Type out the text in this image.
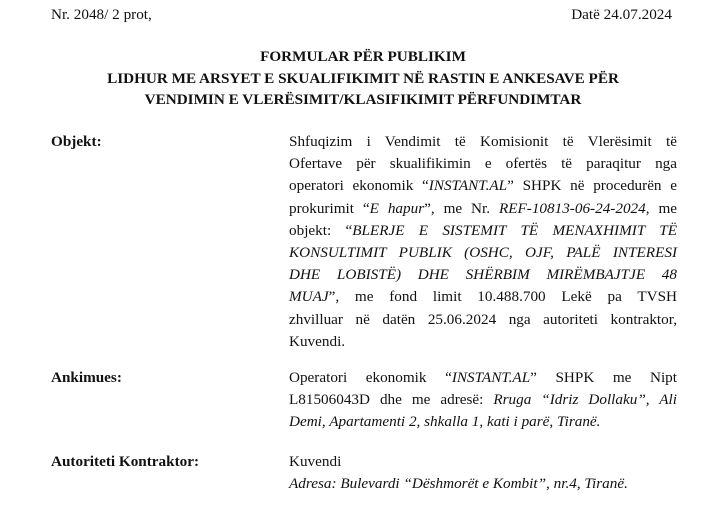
Nr. 2048/ 2 prot,	Datë 24.07.2024
FORMULAR PËR PUBLIKIM
LIDHUR ME ARSYET E SKUALIFIKIMIT NË RASTIN E ANKESAVE PËR
VENDIMIN E VLERËSIMIT/KLASIFIKIMIT PËRFUNDIMTAR
Objekt:	Shfuqizim i Vendimit të Komisionit të Vlerësimit të
Ofertave për skualifikimin e ofertës të paraqitur nga
operatori ekonomik “INSTANT.AL” SHPK në procedurën e
prokurimit “E hapur”, me Nr. REF-10813-06-24-2024, me
objekt: “BLERJE E SISTEMIT TË MENAXHIMIT TË
KONSULTIMIT PUBLIK (OSHC, OJF, PALË INTERESI
DHE LOBISTË) DHE SHËRBIM MIRËMBAJTJE 48
MUAJ”, me fond limit 10.488.700 Lekë pa TVSH
zhvilluar në datën 25.06.2024 nga autoriteti kontraktor,
Kuvendi.
Ankimues:	Operatori ekonomik “INSTANT.AL” SHPK me Nipt
L81506043D dhe me adresë: Rruga “Idriz Dollaku”, Ali
Demi, Apartamenti 2, shkalla 1, kati i parë, Tiranë.
Autoriteti Kontraktor:	Kuvendi
Adresa: Bulevardi “Dëshmorët e Kombit”, nr.4, Tiranë.
